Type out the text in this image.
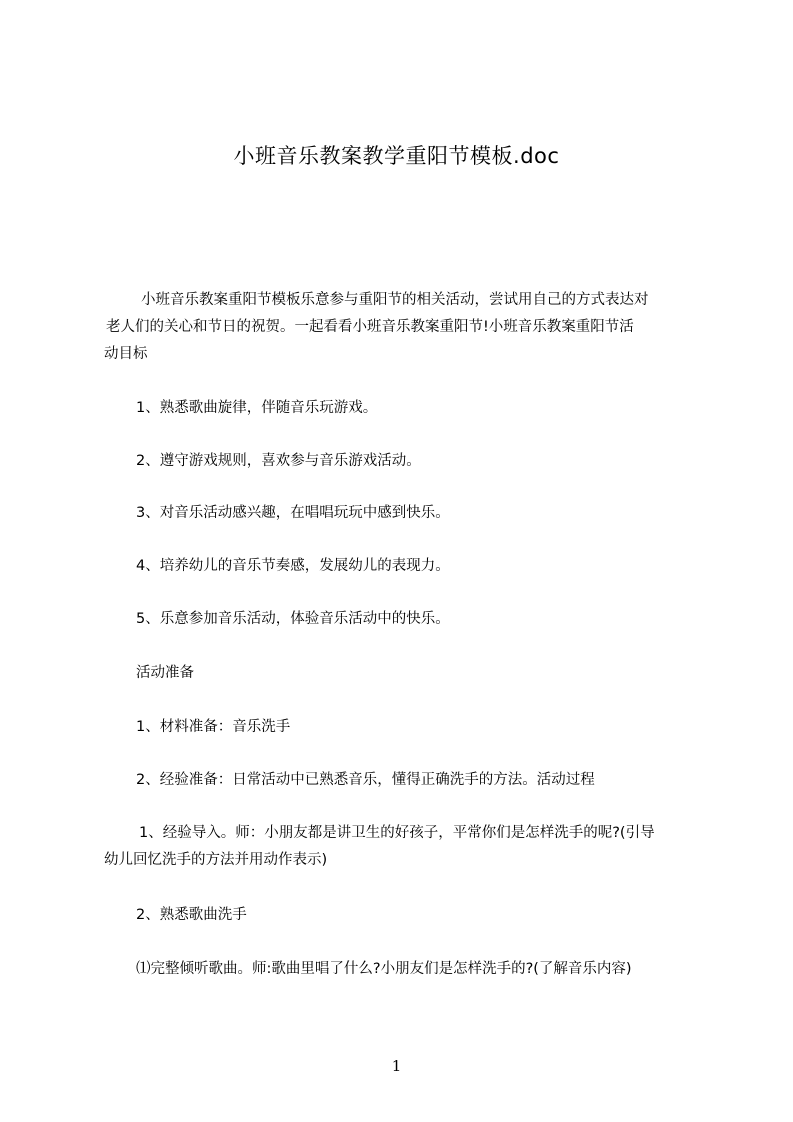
小班音乐教案教学重阳节模板.doc
小班音乐教案重阳节模板乐意参与重阳节的相关活动，尝试用自己的方式表达对
老人们的关心和节日的祝贺。一起看看小班音乐教案重阳节!小班音乐教案重阳节活
动目标
1、熟悉歌曲旋律，伴随音乐玩游戏。
2、遵守游戏规则，喜欢参与音乐游戏活动。
3、对音乐活动感兴趣，在唱唱玩玩中感到快乐。
4、培养幼儿的音乐节奏感，发展幼儿的表现力。
5、乐意参加音乐活动，体验音乐活动中的快乐。
活动准备
1、材料准备：音乐洗手
2、经验准备：日常活动中已熟悉音乐，懂得正确洗手的方法。活动过程
1、经验导入。师：小朋友都是讲卫生的好孩子，平常你们是怎样洗手的呢?(引导
幼儿回忆洗手的方法并用动作表示)
2、熟悉歌曲洗手
⑴完整倾听歌曲。师:歌曲里唱了什么?小朋友们是怎样洗手的?(了解音乐内容)
1
